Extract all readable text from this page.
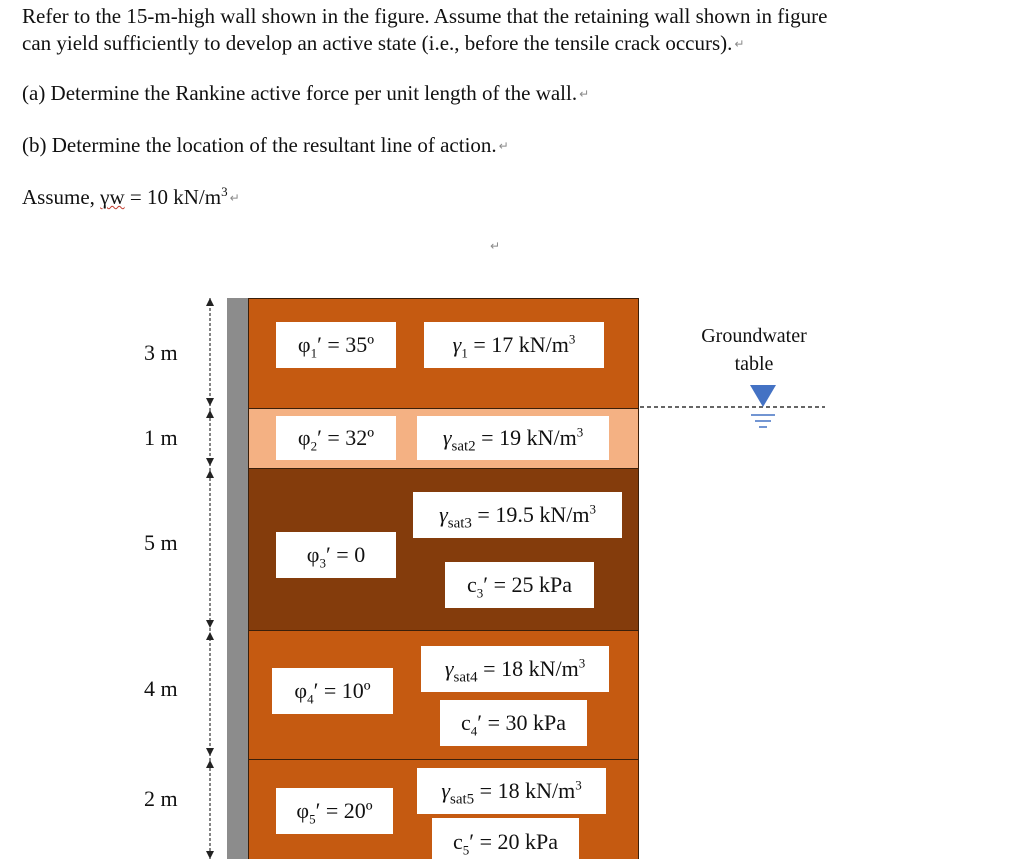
Refer to the 15-m-high wall shown in the figure. Assume that the retaining wall shown in figure
can yield sufficiently to develop an active state (i.e., before the tensile crack occurs). ↵
(a) Determine the Rankine active force per unit length of the wall. ↵
(b) Determine the location of the resultant line of action. ↵
Assume, γw = 10 $kN/m^3$ ↵
↵
3 m
1 m
5 m
4 m
2 m
$\varphi_1'$ = 35º	$\gamma_1 = 17$ $kN/m^3$
$\varphi_2'$ = 32º	$\gamma_{sat2} = 19$ $kN/m^3$
$\gamma_{sat3} = 19.5$ $kN/m^3$
$\varphi_3' = 0$
$c_3' = 25$ kPa
$\gamma_{sat4} = 18$ $kN/m^3$
$\varphi_4'$ = 10º
$c_4' = 30$ kPa
$\gamma_{sat5} = 18$ $kN/m^3$
$\varphi_5'$ = 20º
$c_5' = 20$ kPa
Groundwater
table
